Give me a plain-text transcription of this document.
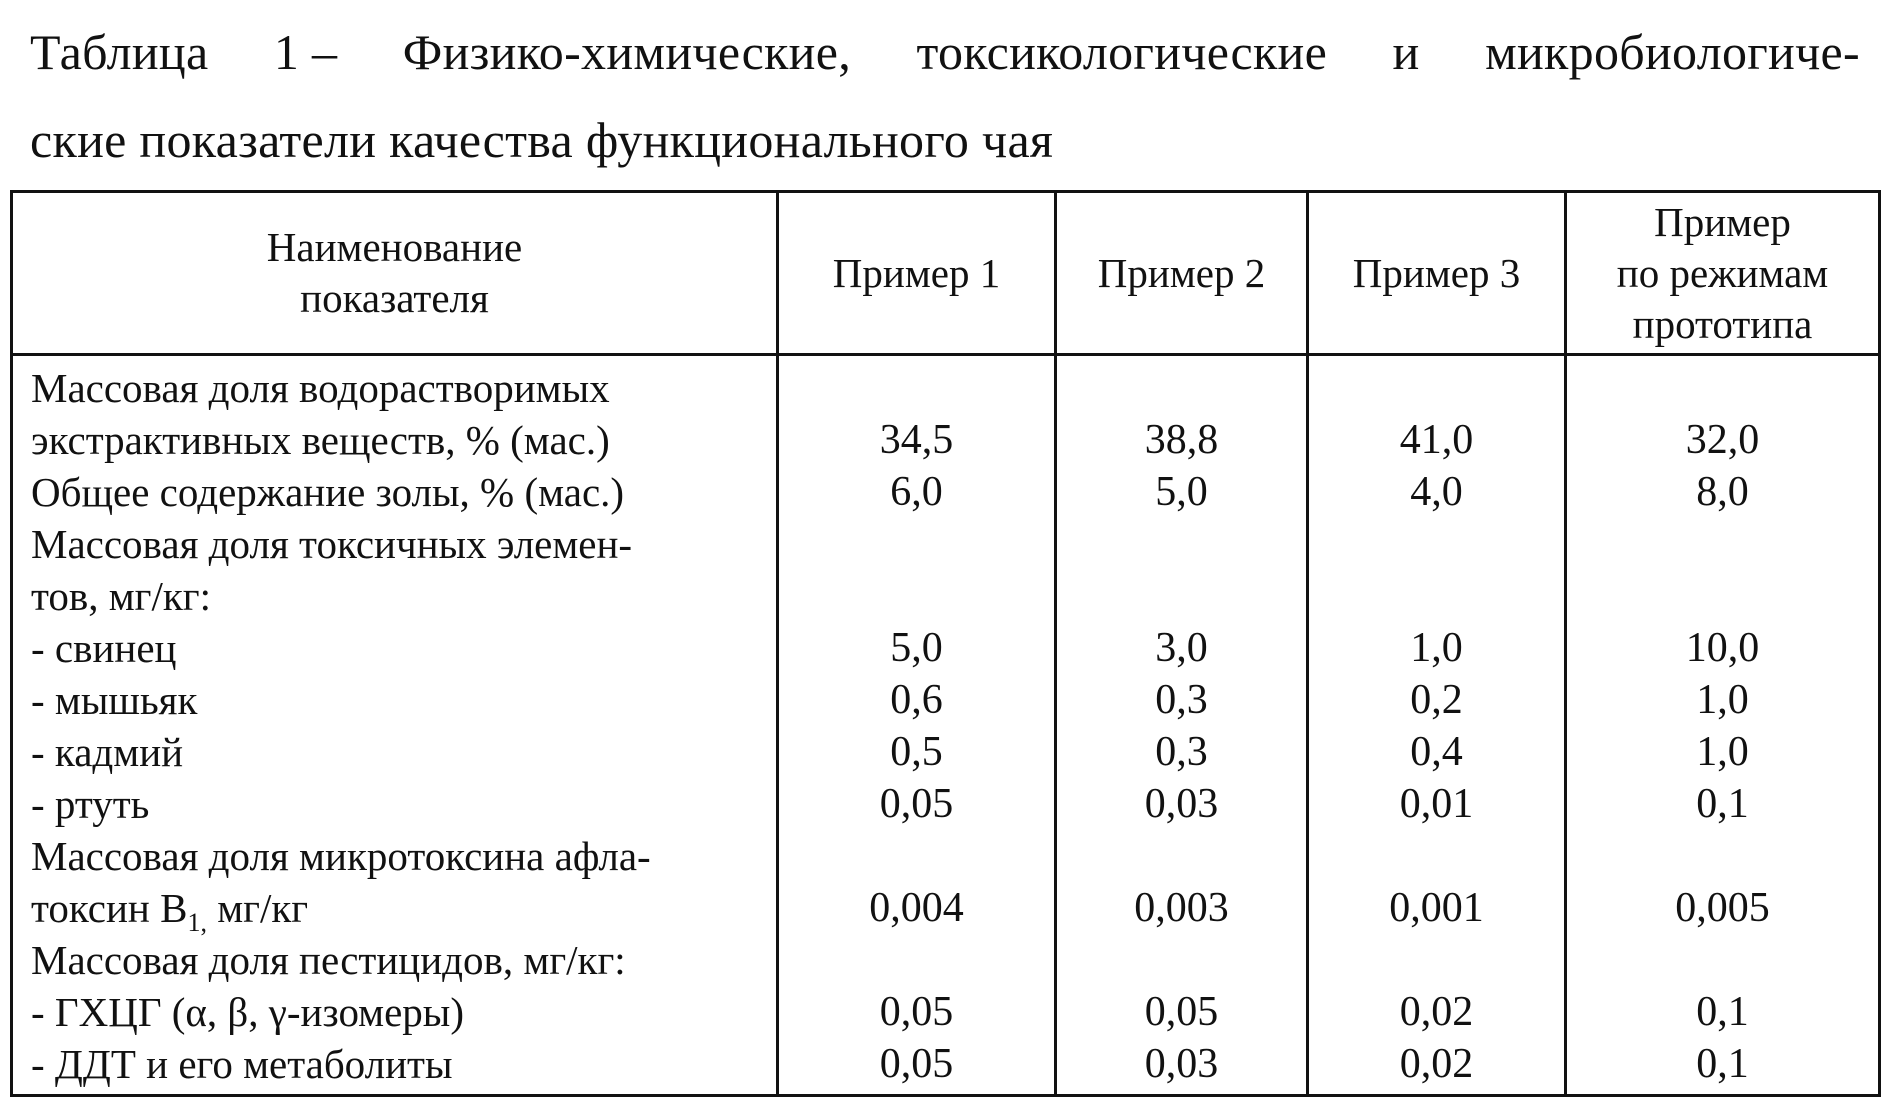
Таблица 1 – Физико-химические, токсикологические и микробиологиче-
ские показатели качества функционального чая
Наименование
показателя	Пример 1	Пример 2	Пример 3	Пример
по режимам
прототипа

Массовая доля водорастворимых
экстрактивных веществ, % (мас.)	34,5	38,8	41,0	32,0

Общее содержание золы, % (мас.)	6,0	5,0	4,0	8,0

Массовая доля токсичных элемен-
тов, мг/кг:				

- свинец	5,0	3,0	1,0	10,0

- мышьяк	0,6	0,3	0,2	1,0

- кадмий	0,5	0,3	0,4	1,0

- ртуть	0,05	0,03	0,01	0,1

Массовая доля микротоксина афла-
токсин $B_{1,}$ мг/кг	0,004	0,003	0,001	0,005

Массовая доля пестицидов, мг/кг:				

- ГХЦГ (α, β, γ-изомеры)	0,05	0,05	0,02	0,1

- ДДТ и его метаболиты	0,05	0,03	0,02	0,1
